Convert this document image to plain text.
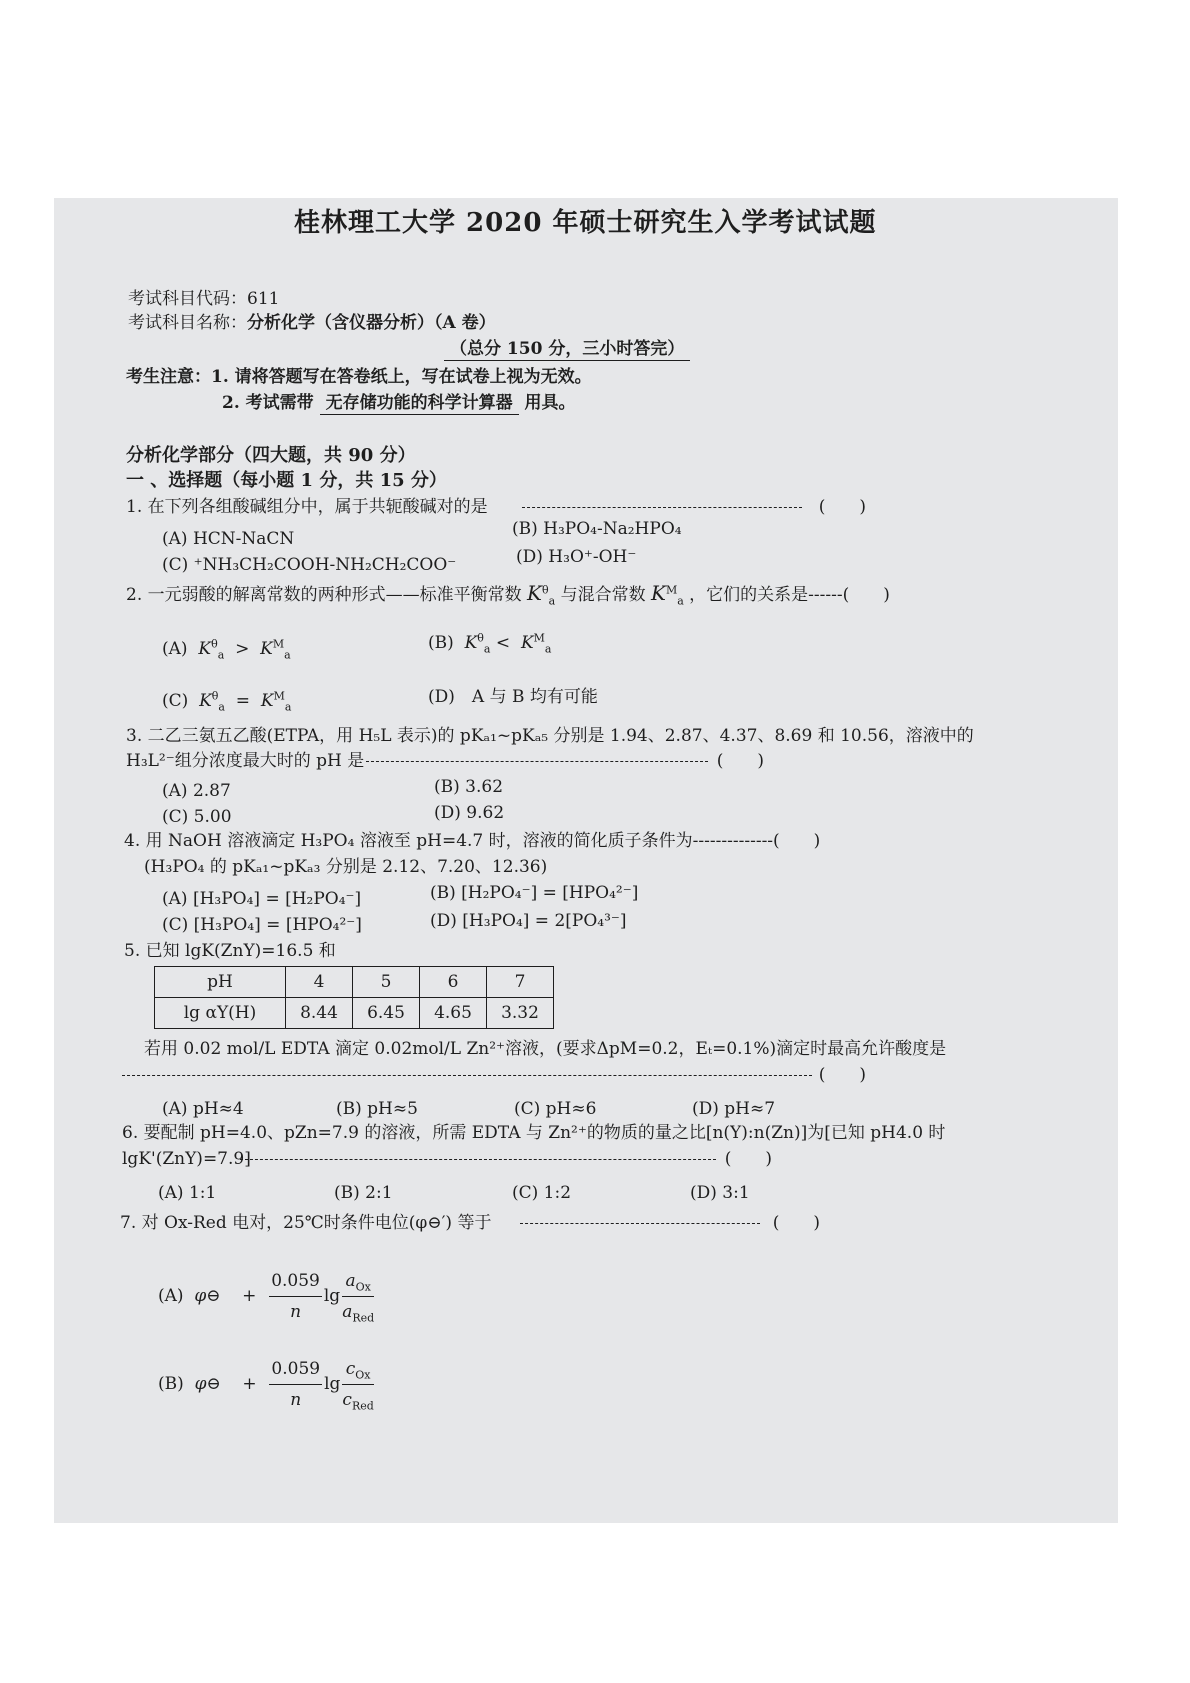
桂林理工大学 2020 年硕士研究生入学考试试题
考试科目代码：611
考试科目名称：分析化学（含仪器分析）（A 卷）
（总分 150 分，三小时答完）
考生注意：1. 请将答题写在答卷纸上，写在试卷上视为无效。
2. 考试需带 无存储功能的科学计算器 用具。
分析化学部分（四大题，共 90 分）
一 、选择题（每小题 1 分，共 15 分）
1. 在下列各组酸碱组分中，属于共轭酸碱对的是	(　　)
(A) HCN-NaCN	(B) H₃PO₄-Na₂HPO₄
(C) ⁺NH₃CH₂COOH-NH₂CH₂COO⁻	(D) H₃O⁺-OH⁻
2. 一元弱酸的解离常数的两种形式——标准平衡常数 $K^\theta_a$ 与混合常数 $K^M_a$ ，它们的关系是------(　　)
(A) $K^\theta_a > K^M_a$
(B) $K^\theta_a < K^M_a$
(C) $K^\theta_a = K^M_a$	(D)　A 与 B 均有可能
3. 二乙三氨五乙酸(ETPA，用 H₅L 表示)的 pKₐ₁~pKₐ₅ 分别是 1.94、2.87、4.37、8.69 和 10.56，溶液中的
H₃L²⁻组分浓度最大时的 pH 是	(　　)
(A) 2.87	(B) 3.62
(C) 5.00	(D) 9.62
4. 用 NaOH 溶液滴定 H₃PO₄ 溶液至 pH=4.7 时，溶液的简化质子条件为--------------(　　)
(H₃PO₄ 的 pKₐ₁~pKₐ₃ 分别是 2.12、7.20、12.36)
(A) [H₃PO₄] = [H₂PO₄⁻]	(B) [H₂PO₄⁻] = [HPO₄²⁻]
(C) [H₃PO₄] = [HPO₄²⁻]	(D) [H₃PO₄] = 2[PO₄³⁻]
5. 已知 lgK(ZnY)=16.5 和
pH	4	5	6	7
lg αY(H)	8.44	6.45	4.65	3.32
若用 0.02 mol/L EDTA 滴定 0.02mol/L Zn²⁺溶液，(要求ΔpM=0.2，Eₜ=0.1%)滴定时最高允许酸度是
(　　)
(A) pH≈4	(B) pH≈5	(C) pH≈6	(D) pH≈7
6. 要配制 pH=4.0、pZn=7.9 的溶液，所需 EDTA 与 Zn²⁺的物质的量之比[n(Y):n(Zn)]为[已知 pH4.0 时
lgK'(ZnY)=7.9]	(　　)
(A) 1:1	(B) 2:1	(C) 1:2	(D) 3:1
7. 对 Ox-Red 电对，25℃时条件电位(φ⊖′) 等于	(　　)
(A) φ⊖ + $\frac{0.059}{n}$ $\lg \frac{a_{Ox}}{a_{Red}}$
(B) φ⊖ + $\frac{0.059}{n}$ $\lg \frac{c_{Ox}}{c_{Red}}$
